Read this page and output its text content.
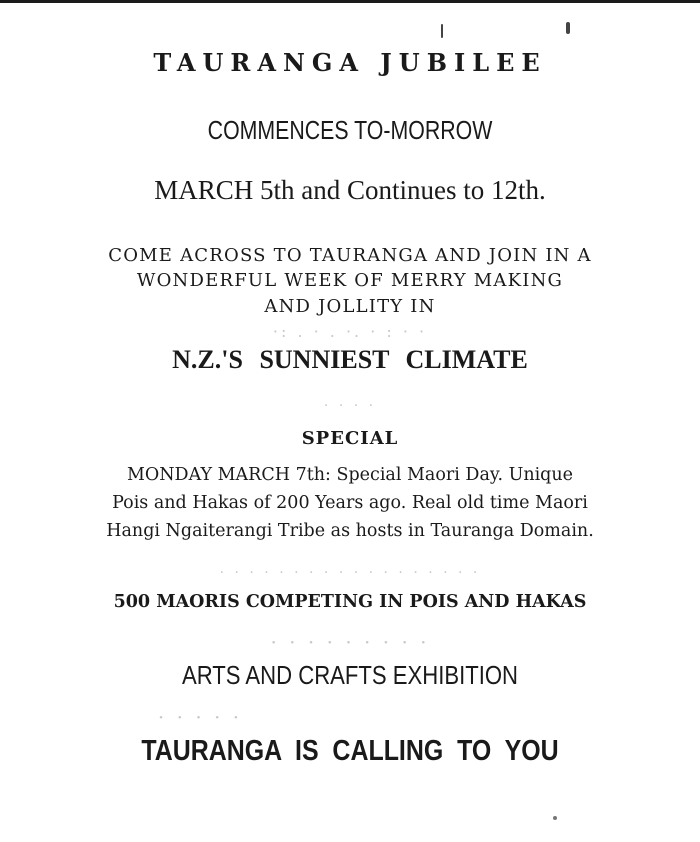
·: . · . ·. · : · ·
· · · ·
· · · · · · · · · · · · · · · · · ·
· · · · · · · · ·
· · · · ·
TAURANGA JUBILEE
COMMENCES TO-MORROW
MARCH 5th and Continues to 12th.
COME ACROSS TO TAURANGA AND JOIN IN A
WONDERFUL WEEK OF MERRY MAKING
AND JOLLITY IN
N.Z.'S SUNNIEST CLIMATE
SPECIAL
MONDAY MARCH 7th: Special Maori Day. Unique
Pois and Hakas of 200 Years ago. Real old time Maori
Hangi Ngaiterangi Tribe as hosts in Tauranga Domain.
500 MAORIS COMPETING IN POIS AND HAKAS
ARTS AND CRAFTS EXHIBITION
TAURANGA IS CALLING TO YOU
